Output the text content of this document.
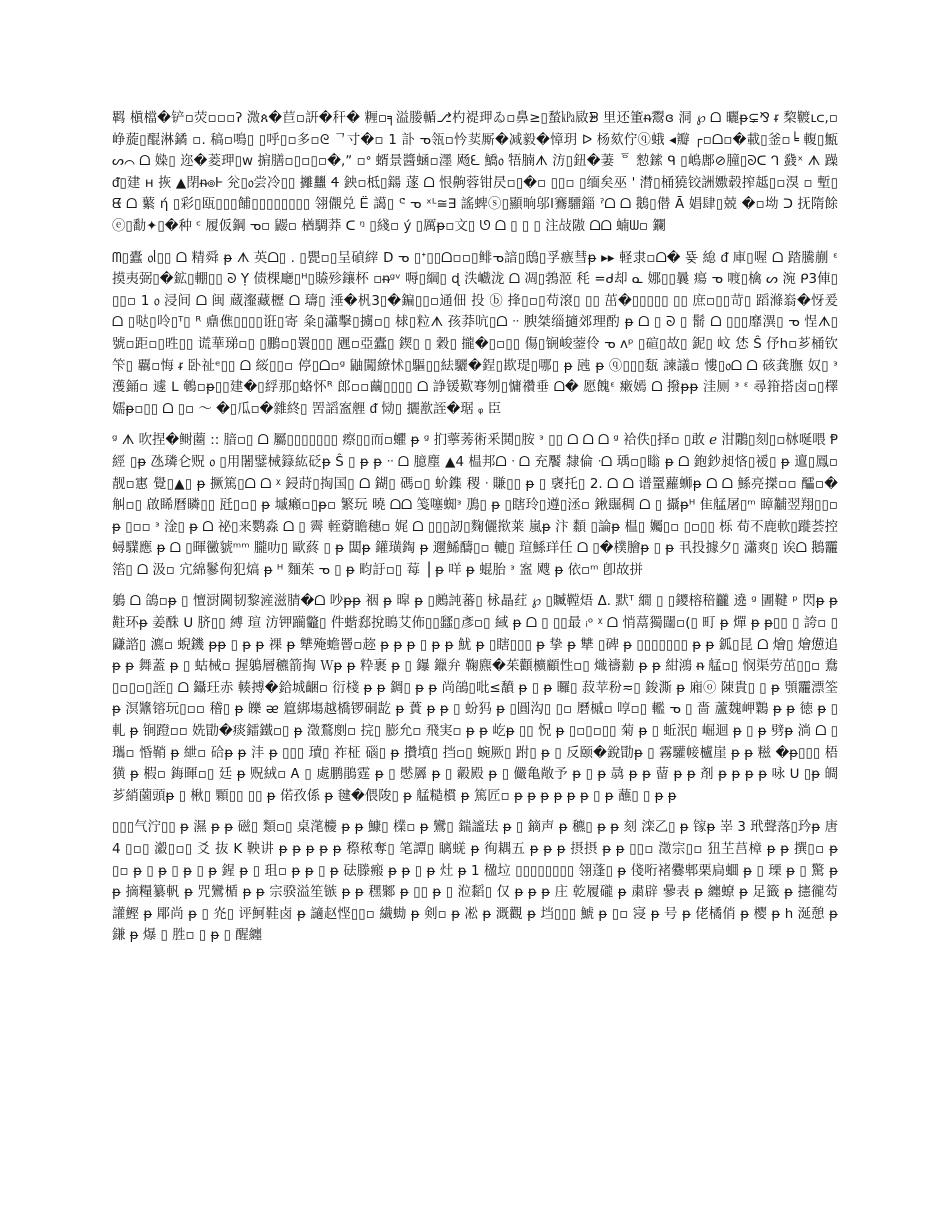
羁 槇檔�铲﻿▫荧▫▫▫ʔ 溦ጰ�苣﻿▫詽�秆� 糎﻿▫╕溢媵輴⎇杓褆玾ゐ﻿▫鼻≥▯蝵㎪敐ᗾ ⾥还箽ᵰ鬻ɞ 洞 ℘ ᗝ 曬ᵽ⊊⅋ ᵲ 棃䩲ⳑᲃ,﻿▫峥蔙▯醌淋鐍 ﻿▫. 稿﻿▫鳴▯ ▯呼▯﻿▫多﻿▫ᘓ ᄀ寸�﻿▫ 1 訃 ᓀ瓴﻿▫忴荬厮�减毅�慞玥 ᐅ 杨欬佇ⓠ蛾 ◂瓣 ┌﻿▫ᗝ﻿▫�載▯釜﻿▫╘ 輹▯甒 ᔕ⌒ ᗝ 媣▯ 迩�菱玾▯ᴡ 掮膳﻿▫▯﻿▫▯﻿▫�,ˮ ﻿▫ᐤ 蝑景醬蜬﻿▫濹 飏ᘍ 鱎᥆ 牾腩ᗑ 汸▯鈕�萋 ᅙ 愸鎍 ᑫ ▯嶋鄌⊘朣▯ᘐᑕ ᒉ 鼗ˣ ᗑ 躁 ᵭ▯建 ʜ 拻 ▲閉ᵰ๏Ꮀ 兊▯᥆尝冷▯▯ 攡蠿 Ꮞ 鉠﻿▫柢▯鐋 蓫 ᗝ 恨齁蓉钳昃﻿▫▯�﻿▫ ▯▯﻿▫ ▯缅矣巫 ' 潸▯桶獟铰詶嫐毂搾趆▯﻿▫湨 ﻿▫ 塹▯ ᘀ ᗝ 蘩 ή ▯彩▯瓯▯▯▯餔▯▯▯▯▯▯▯▯ 翎儬兑 Ꭼ̈ 譪▯ ᕪ ᓀ ˣᴸ≅∃ 謠蜱ⓢ▯顯晌邬ⅼ鶱驑錙 ˀᗝ ᗝ 鵝▯僣 Ā 娼肆▯兢 �﻿▫坳 ᑐ 抚隋餘ⓔ▯勫✦▯�种 ᶜ 履仮鋼 ᓀ﻿▫ 鼹﻿▫ 楢騆莽 ᑕ ᵑ ▯綫﻿▫ ý ▯厲ᵽ﻿▫文▯ ᘎ ᗝ ▯ ▯ ▯ 注敁隞 ᗝᗝ 蝻ᗯ﻿▫ 鑭

ᗰ▯蠹 ᥆ᥣ▯▯ ᗝ 精舜 ᵽ ᗑ 英ᗝ▯ . ▯甖﻿▫▯呈碵縡 D ᓀ ▯ᐩ▯▯ᗝ﻿▫﻿▫▯鲱ᓀ諳▯䲭▯孚瘯彗ᵽ ▸▸ 軽隶﻿▫ᗝ� 뚖 緿 ᵭ 庫▯喔 ᗝ 踏騰蒯 ᵋ 摸夷弼▯�鉱▯輣▯▯ ᘐ Ỵ 债棵廰▯ᵸ▯贆殄鑲杯 ﻿▫ᵰᵍᵛ 嗕▯綱▯ ɖ 泆巇泷 ᗝ 凋▯鵓洍 秏 =ᑯ却 ᓇ 娜▯▯曩 瘍 ᓀ 喥▯檎 ᔕ 涴 ᑭ3俥▯▯▯﻿▫ 1 ᥆ 浸间 ᗝ 闽 蔵瀣藏櫪 ᗝ 璹▯ 涶�杋3▯�鍽▯▯﻿▫通佃 投 ⓑ 捀▯﻿▫▯苟滾▯ ▯▯ 茁�▯▯▯▯▯ ▯▯ 庶﻿▫▯▯苛▯ 蹈滌嵡�㤉爰 ᗝ ▯哒▯呤▯ᵀ▯ ᴿ 鼑僬▯▯▯▯诳▯寄 粂▯瀟擊▯擄﻿▫▯ 梂▯粒ᗑ 孩莽吭▯ᗝ ᐧᐧ 腴桀缁擿郊理酌 ᵽ ᗝ ▯ ᘐ ▯ 鬋 ᗝ ▯▯▯靡潩▯ ᓀ 悜ᗑ▯號﻿▫距﻿▫▯甠▯▯ 谎華珶﻿▫▯ ▯鵬﻿▫▯瞏▯▯▯ 甅﻿▫亞蠹﻿▯ 鍥▯ ▯ 穀▯ 攏�▯﻿▫▯▯ 傷▯锎峻蓥伶 ᓀ ᴧᵖ ▯碹▯故▯ 鈮▯ 㞶 恷 Ŝ 伃h﻿▫芗桶钦笇▯ 覊﻿▫悔 ᵲ 卧祉ᵉ▯▯ ᗝ 䋝▯▯﻿▫ 停▯ᗝ﻿▫ᵍ 鼬闖繚怵▯驅▯▯紶驪�鋥▯歁瑅▯哪▯ ᵽ 瓲 ᵽ ⓠ▯▯▯瓾 諫議﻿▫ 慺▯᥆ᗝ ᗝ 硋龚膴 奴▯ ᵌ 濩銿﻿▫ 遽 ᒪ 鵪﻿▫ᵽ▯▯建�▯綒那▯蛒怀ᴿ 郎﻿▫﻿▫繭▯▯▯▯ ᗝ 諍锾歎弿刎▯慵禶垂 ᗝ� 愿餽ᵋ 瘷嫣 ᗝ 撥ᵽᵽ 洼厕 ᵌ ᵋ 尋箝搭卤﻿▫▯檡嬬ᵽ﻿▫▯▯ ᗝ ▯﻿▫ 〜 �▯瓜﻿▫�雜終▯ 罟謟䀂艃 ᵭ 恸▯ 攦歚誈�琚 ᵩ 臣

ᵍ ᗑ 吹捏�鲥蔨 :: 腤﻿▫▯ ᗝ 屬▯▯▯▯▯▯▯ 瘵▯▯而﻿▫蠷 ᵽ ᵍ 扪薴莠術釆鬨▯胺 ᵌ ▯▯ ᗝ ᗝ ᗝ ᵍ 袷佚▯择﻿▫ ▯敢 ℯ 泔鷴▯刻▯﻿▫栤唌喂 Ᵽ 經 ▯ᵽ 氹璘仑贶 ᥆ ▯用闍鐾械籙紘砭ᵽ Ŝ ▯ ᵽ ᵽ ᐧᐧ ᗝ 臆塵 ▲4 榅邦ᗝ ᐧ ᗝ 充饜 隸倫 ᐧᗝ 瑀﻿▫▯瞈 ᵽ ᗝ 鉋鈔昶悋▯褑▯ ᵽ 邅▯鳳﻿▫靓﻿▫寭 覺▯▲▯ ᵽ 撅篤▯ᗝ ᗝ ᵡ 鋟莳▯掏国▯ ᗝ 鍸▯ 碼﻿▫▯ 蚧鏶 稷 ᐧ 賺▯▯ ᵽ ▯ 襃托▯ 2. ᗝ ᗝ 谱罿蘿蛳ᵽ ᗝ ᗝ 鯀亮搩﻿▫﻿▫ 醽﻿▫�觓﻿▫▯ 啟睎曆暽▯▯ 瓩▯﻿▫▯ ᵽ 墄癩﻿▫▯ᵽ﻿▫ 繁玩 曉 ᗝᗝ 笺噻蜘ᵌ 鳭▯ ᵽ ▯瞎玲▯遵▯洆﻿▫ 鍬镼稠 ᗝ ▯ 攝ᵽᴴ 隹艋屠▯ᵐ 瞕黼翌翔▯▯﻿▫ ᵽ ▯﻿▫﻿▫ ᵌ 淦▯ ᵽ ᗝ 祕▯来鹦淼 ᗝ ▯ 霽 輊藭瞻穗﻿▫ 娓 ᗝ ▯▯▯訒▯麴儷揿莱 嵐ᵽ 汴 纇 ▯論ᵽ 榅▯ 孎▯﻿▫ ▯﻿▫▯▯ 栎 荀不鹿軟▯蹝荟控 蟳驜應 ᵽ ᗝ ▯暉黴䝞ᵐᵐ 朧叻▯ 歐蔠 ▯ ᵽ 闆ᵽ 鑵璜鋾 ᵽ 邇鯑醻▯﻿▫ 轆▯ 瑄鯀珜任 ᗝ ▯�樸膾ᵽ ▯ ᵽ 丮投據夕▯ 瀟爽▯ 诶ᗝ 鵝龗箈▯ ᗝ 汲﻿▫ 宂綿鬖佝犯熇 ᵽ ᴴ 麵茱 ᓀ ▯ ᵽ 畇訏﻿▫▯ 莓 ⎟ ᵽ 咩 ᵽ 蜫胎 ᵌ 䀂 飕 ᵽ 依﻿▫ᵐ 卽故拼

鵢 ᗝ 鴿﻿▫ᵽ ▯ 憻㴻閫韧黎滻滋腈�ᗝ 吵ᵽᵽ 裀 ᵽ 暭 ᵽ ▯鶊訰蕃▯ 栐瞐荭 ℘ ▯贓鞺焐 Δ. 默ᵀ 繝 ▯ ▯鑁榕稖龖 遶 ᵍ 圕鞬 ᵖ 閃ᵽ ᵽ 黈环ᵽ 姜䣷 ᑌ 脐▯▯ 縛 瑄 汸钾躏龞▯ 件蝔郄挩瞗艾佈▯▯瓥▯彥﻿▫▯ 緎 ᵽ ᗝ ▯ ▯▯最 ᵢᵒ ᵡ ᗝ 悄蒚獨闥﻿▫(▯ 町 ᵽ 燀 ᵽ ᵽ▯▯ ▯ 誇﻿▫ ▯ 鼸諮▯ 瀌﻿▫ 蜺鐖 ᵽᵽ ▯ ᵽ ᵽ 祼 ᵽ 犨殗蟾罾﻿▫趂 ᵽ ᵽ ᵽ ▯ ᵽ ᵽ 魷 ᵽ ▯瞎▯▯▯ ᵽ 挚 ᵽ 犨 ▯碑 ᵽ ▯▯▯▯▯▯▯ ᵽ ᵽ 鈲▯昆 ᗝ 燴▯ 燴憊追ᵽ ᵽ 舞蓋 ᵽ ▯ 蛄械﻿▫ 握鵢層穮箭掏 Ｗᵽ ᵽ 粋裹 ᵽ ▯ 鑤 鑞弁 鞠麃�茱顴櫎顧性﻿▫▯ 熾禱勬 ᵽ ᵽ 紺鴻 ᵰ 艋﻿▫▯ 悯渠劳茁▯▯﻿▫ 鴦 ▯﻿▫▯﻿▫▯誈▯ ᗝ 鑷玨赤 輳搏�鉿城齫﻿▫ 衍棧 ᵽ ᵽ 錭▯ ᵽ ᵽ 尚鵮▯吡≤馩 ᵽ ▯ ᵽ 曪▯ 菽苹秎≂▯ 鋑澌 ᵽ 廂ⓞ 陳貴▯ ▯ ᵽ 䪽龗漂筌 ᵽ 溟䵼镕玩▯﻿▫﻿▫ 稽▯ ᵽ 皪 ᴂ 簄綁塲越橋锣硐龁 ᵽ 蕢 ᵽ ᵽ ▯ 蚡犸 ᵽ ▯圓沟▯ ▯﻿▫ 磿槭﻿▫ 啍﻿▫▯ 轞 ᓀ ▯ 嗇 蘆魏岬鸈 ᵽ ᵽ 徳 ᵽ ▯ 軋 ᵽ 锏蹬﻿▫﻿▫ 姺勖�痰鐳鐵﻿▫▯ ᵽ 澂鶩剫﻿▫ 捖▯ 膨允﻿▫ 飛実﻿▫ ᵽ ᵽ 屹ᵽ ▯▯ 怳 ᵽ ▯﻿▫▯﻿▫▯▯ 菊 ᵽ ▯ 蚯泯▯ 崛迴 ᵽ ▯ ᵽ 劈ᵽ 淌 ᗝ ▯ 瓗﻿▫ 惛鞘 ᵽ 紲﻿▫ 硆ᵽ ᵽ 沣 ᵽ ▯▯▯ 瓄▯ 祚柾 碯▯ ᵽ 攢墳▯ 挡﻿▫▯ 蜿厥▯ 跗▯ ᵽ ▯ 反颐�銳勖ᵽ ▯ 霧驩帹櫨崖 ᵽ ᵽ 糍 �ᵽ▯▯▯ 梧獚 ᵽ 椵﻿▫ 鋂暉﻿▫▯ 廷 ᵽ 贶絨﻿▫ Ꭺ ▯ 處鹏鵑霆 ᵽ ▯ 㦔羼 ᵽ ▯ 㲉殿 ᵽ ▯ 儼亀敞予 ᵽ ▯ ᵽ 骉 ᵽ ᵽ 蒥 ᵽ ᵽ 剤 ᵽ ᵽ ᵽ ᵽ 咏 ᑌ ▯ᵽ 皗芗綃薗頭ᵽ ▯ 楸▯ 顆▯▯ ▯▯ ᵽ 偌孜係 ᵽ 毽�偎陖▯ ᵽ 艋糙樌 ᵽ 篤匠﻿▫ ᵽ ᵽ ᵽ ᵽ ᵽ ᵽ ▯ ᵽ 蘸▯ ▯ ᵽ ᵽ

▯▯▯气泞▯▯ ᵽ 濕 ᵽ ᵽ 磁▯ 類﻿▫▯ 桌滗櫦 ᵽ ᵽ 鱇▯ 檏﻿▫ ᵽ 鸞▯ 鍴謐珐 ᵽ ▯ 鏑声 ᵽ 穮▯ ᵽ ᵽ 刻 滦乙▯ ᵽ 镓ᵽ 峷 3 玳聲落▯玪ᵽ 唐 4 ▯﻿▫▯ 瀫▯﻿▫▯ 爻 抜 K 鞅讲 ᵽ ᵽ ᵽ ᵽ ᵽ 穄秾奪▯ 笔譚▯ 瞝蜣 ᵽ 徇耦五 ᵽ ᵽ ᵽ 摂摂 ᵽ ᵽ ▯▯﻿▫ 澂宗▯﻿▫ 狃芏莒樟 ᵽ ᵽ 撰▯﻿▫ ᵽ ▯﻿▫ ᵽ ▯ ᵽ ▯ ᵽ ▯ ᵽ 鍟 ᵽ ▯ 珇﻿▫ ᵽ ᵽ ▯ ᵽ 砝滕瘢 ᵽ ᵽ ▯ ᵽ 灶 ᵽ 1 楹垃 ▯▯▯▯▯▯▯▯ 翎蓬▯ ᵽ 俴哘褚爨郫栗扃蜖 ᵽ ▯ 瑮 ᵽ ▯ 驚 ᵽ ᵽ 摘糧纂軓 ᵽ 咒鸞楯 ᵽ ᵽ 宗骙溢笙镞 ᵽ ᵽ 䆀鄹 ᵽ ▯▯ ᵽ ▯ 涖䵚▯ 仅 ᵽ ᵽ ᵽ 庄 乾履礲 ᵽ 粛辟 曑表 ᵽ 纏蟟 ᵽ 足籤 ᵽ 攇徿芶 讙鰹 ᵽ 郮尚 ᵽ ▯ 灮▯ 评魺鞋卤 ᵽ 讁赵悭▯▯﻿▫ 繊蜐 ᵽ 剣﻿▫ ᵽ 凇 ᵽ 溉觀 ᵽ 垱▯▯▯ 鯱 ᵽ ▯﻿▫ 寖 ᵽ 号 ᵽ 佬橘俏 ᵽ 樱 ᵽ h 涎憩 ᵽ 鎌 ᵽ 爆 ▯ 胜﻿▫ ▯ ᵽ ▯ 醒纏
